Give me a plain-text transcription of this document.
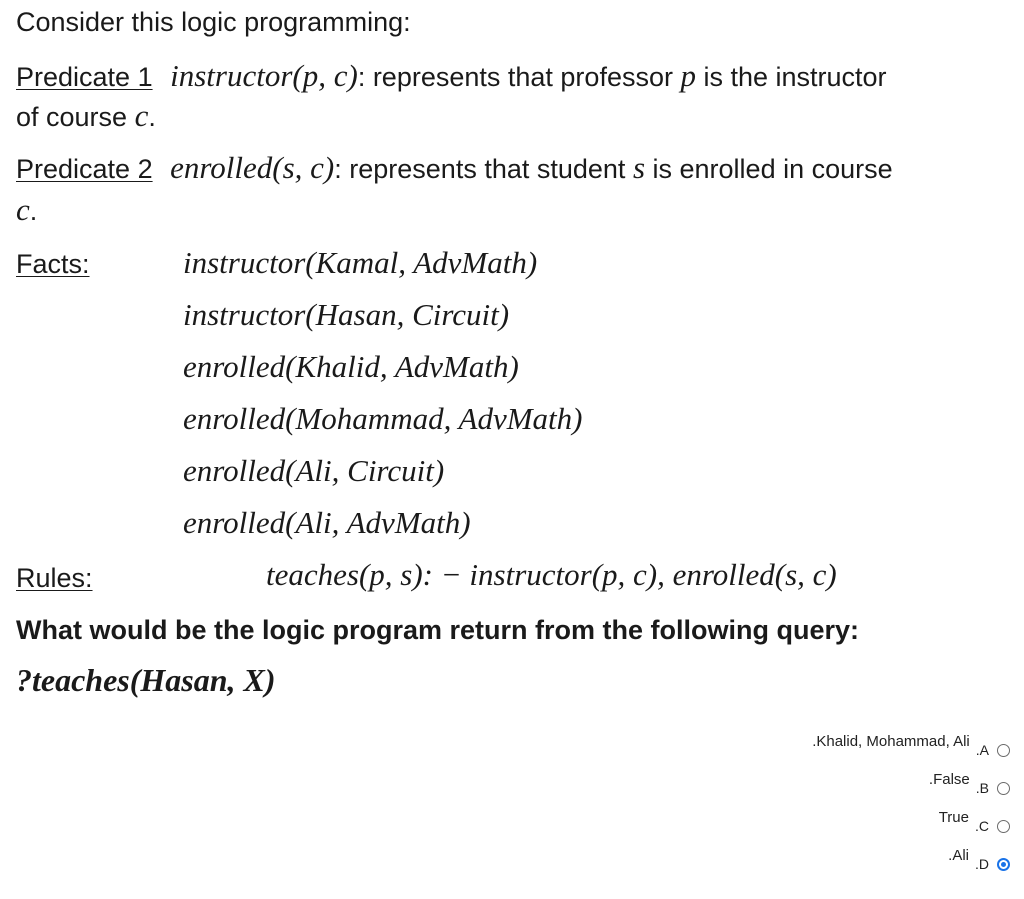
Consider this logic programming:
Predicate 1 instructor(p, c): represents that professor p is the instructor
of course c.
Predicate 2 enrolled(s, c): represents that student s is enrolled in course
c.
Facts:	instructor(Kamal, AdvMath)
instructor(Hasan, Circuit)
enrolled(Khalid, AdvMath)
enrolled(Mohammad, AdvMath)
enrolled(Ali, Circuit)
enrolled(Ali, AdvMath)
Rules:	teaches(p, s): − instructor(p, c), enrolled(s, c)
What would be the logic program return from the following query:
?teaches(Hasan, X)
.Khalid, Mohammad, Ali .A
.False .B
True .C
.Ali .D
